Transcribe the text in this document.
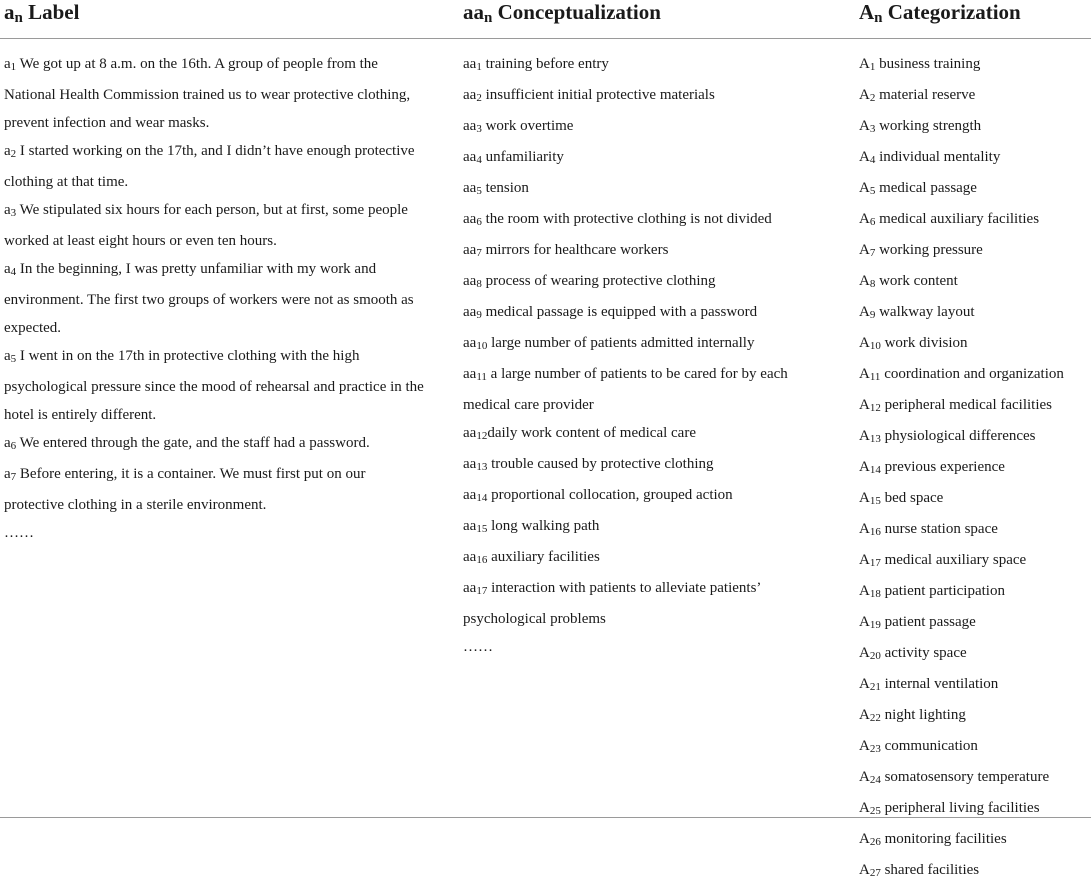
$a_n$ Label	$aa_n$ Conceptualization	$A_n$ Categorization
a1 We got up at 8 a.m. on the 16th. A group of people from the National Health Commission trained us to wear protective clothing, prevent infection and wear masks.
a2 I started working on the 17th, and I didn’t have enough protective clothing at that time.
a3 We stipulated six hours for each person, but at first, some people worked at least eight hours or even ten hours.
a4 In the beginning, I was pretty unfamiliar with my work and environment. The first two groups of workers were not as smooth as expected.
a5 I went in on the 17th in protective clothing with the high psychological pressure since the mood of rehearsal and practice in the hotel is entirely different.
a6 We entered through the gate, and the staff had a password.
a7 Before entering, it is a container. We must first put on our protective clothing in a sterile environment.
……
aa1 training before entry
aa2 insufficient initial protective materials
aa3 work overtime
aa4 unfamiliarity
aa5 tension
aa6 the room with protective clothing is not divided
aa7 mirrors for healthcare workers
aa8 process of wearing protective clothing
aa9 medical passage is equipped with a password
aa10 large number of patients admitted internally
aa11 a large number of patients to be cared for by each medical care provider
aa12daily work content of medical care
aa13 trouble caused by protective clothing
aa14 proportional collocation, grouped action
aa15 long walking path
aa16 auxiliary facilities
aa17 interaction with patients to alleviate patients’ psychological problems
……
A1 business training
A2 material reserve
A3 working strength
A4 individual mentality
A5 medical passage
A6 medical auxiliary facilities
A7 working pressure
A8 work content
A9 walkway layout
A10 work division
A11 coordination and organization
A12 peripheral medical facilities
A13 physiological differences
A14 previous experience
A15 bed space
A16 nurse station space
A17 medical auxiliary space
A18 patient participation
A19 patient passage
A20 activity space
A21 internal ventilation
A22 night lighting
A23 communication
A24 somatosensory temperature
A25 peripheral living facilities
A26 monitoring facilities
A27 shared facilities
